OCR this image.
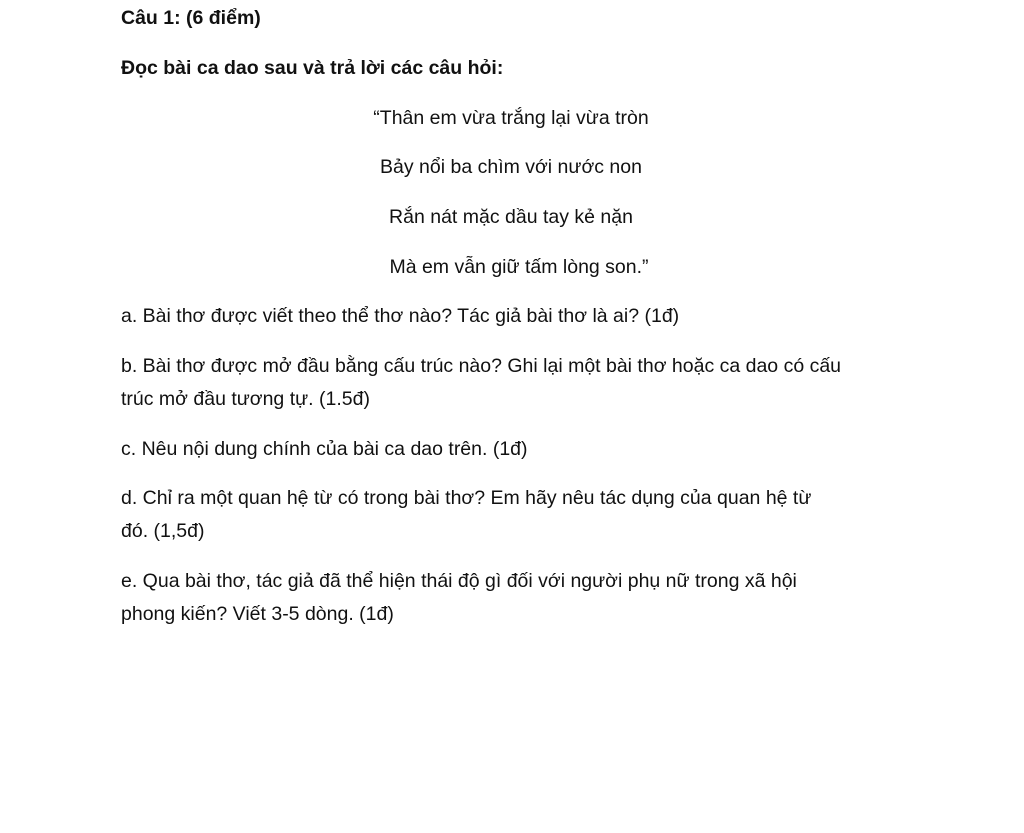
Câu 1: (6 điểm)
Đọc bài ca dao sau và trả lời các câu hỏi:
“Thân em vừa trắng lại vừa tròn
Bảy nổi ba chìm với nước non
Rắn nát mặc dầu tay kẻ nặn
Mà em vẫn giữ tấm lòng son.”
a. Bài thơ được viết theo thể thơ nào? Tác giả bài thơ là ai? (1đ)
b. Bài thơ được mở đầu bằng cấu trúc nào? Ghi lại một bài thơ hoặc ca dao có cấu
trúc mở đầu tương tự. (1.5đ)
c. Nêu nội dung chính của bài ca dao trên. (1đ)
d. Chỉ ra một quan hệ từ có trong bài thơ? Em hãy nêu tác dụng của quan hệ từ
đó. (1,5đ)
e. Qua bài thơ, tác giả đã thể hiện thái độ gì đối với người phụ nữ trong xã hội
phong kiến? Viết 3-5 dòng. (1đ)
